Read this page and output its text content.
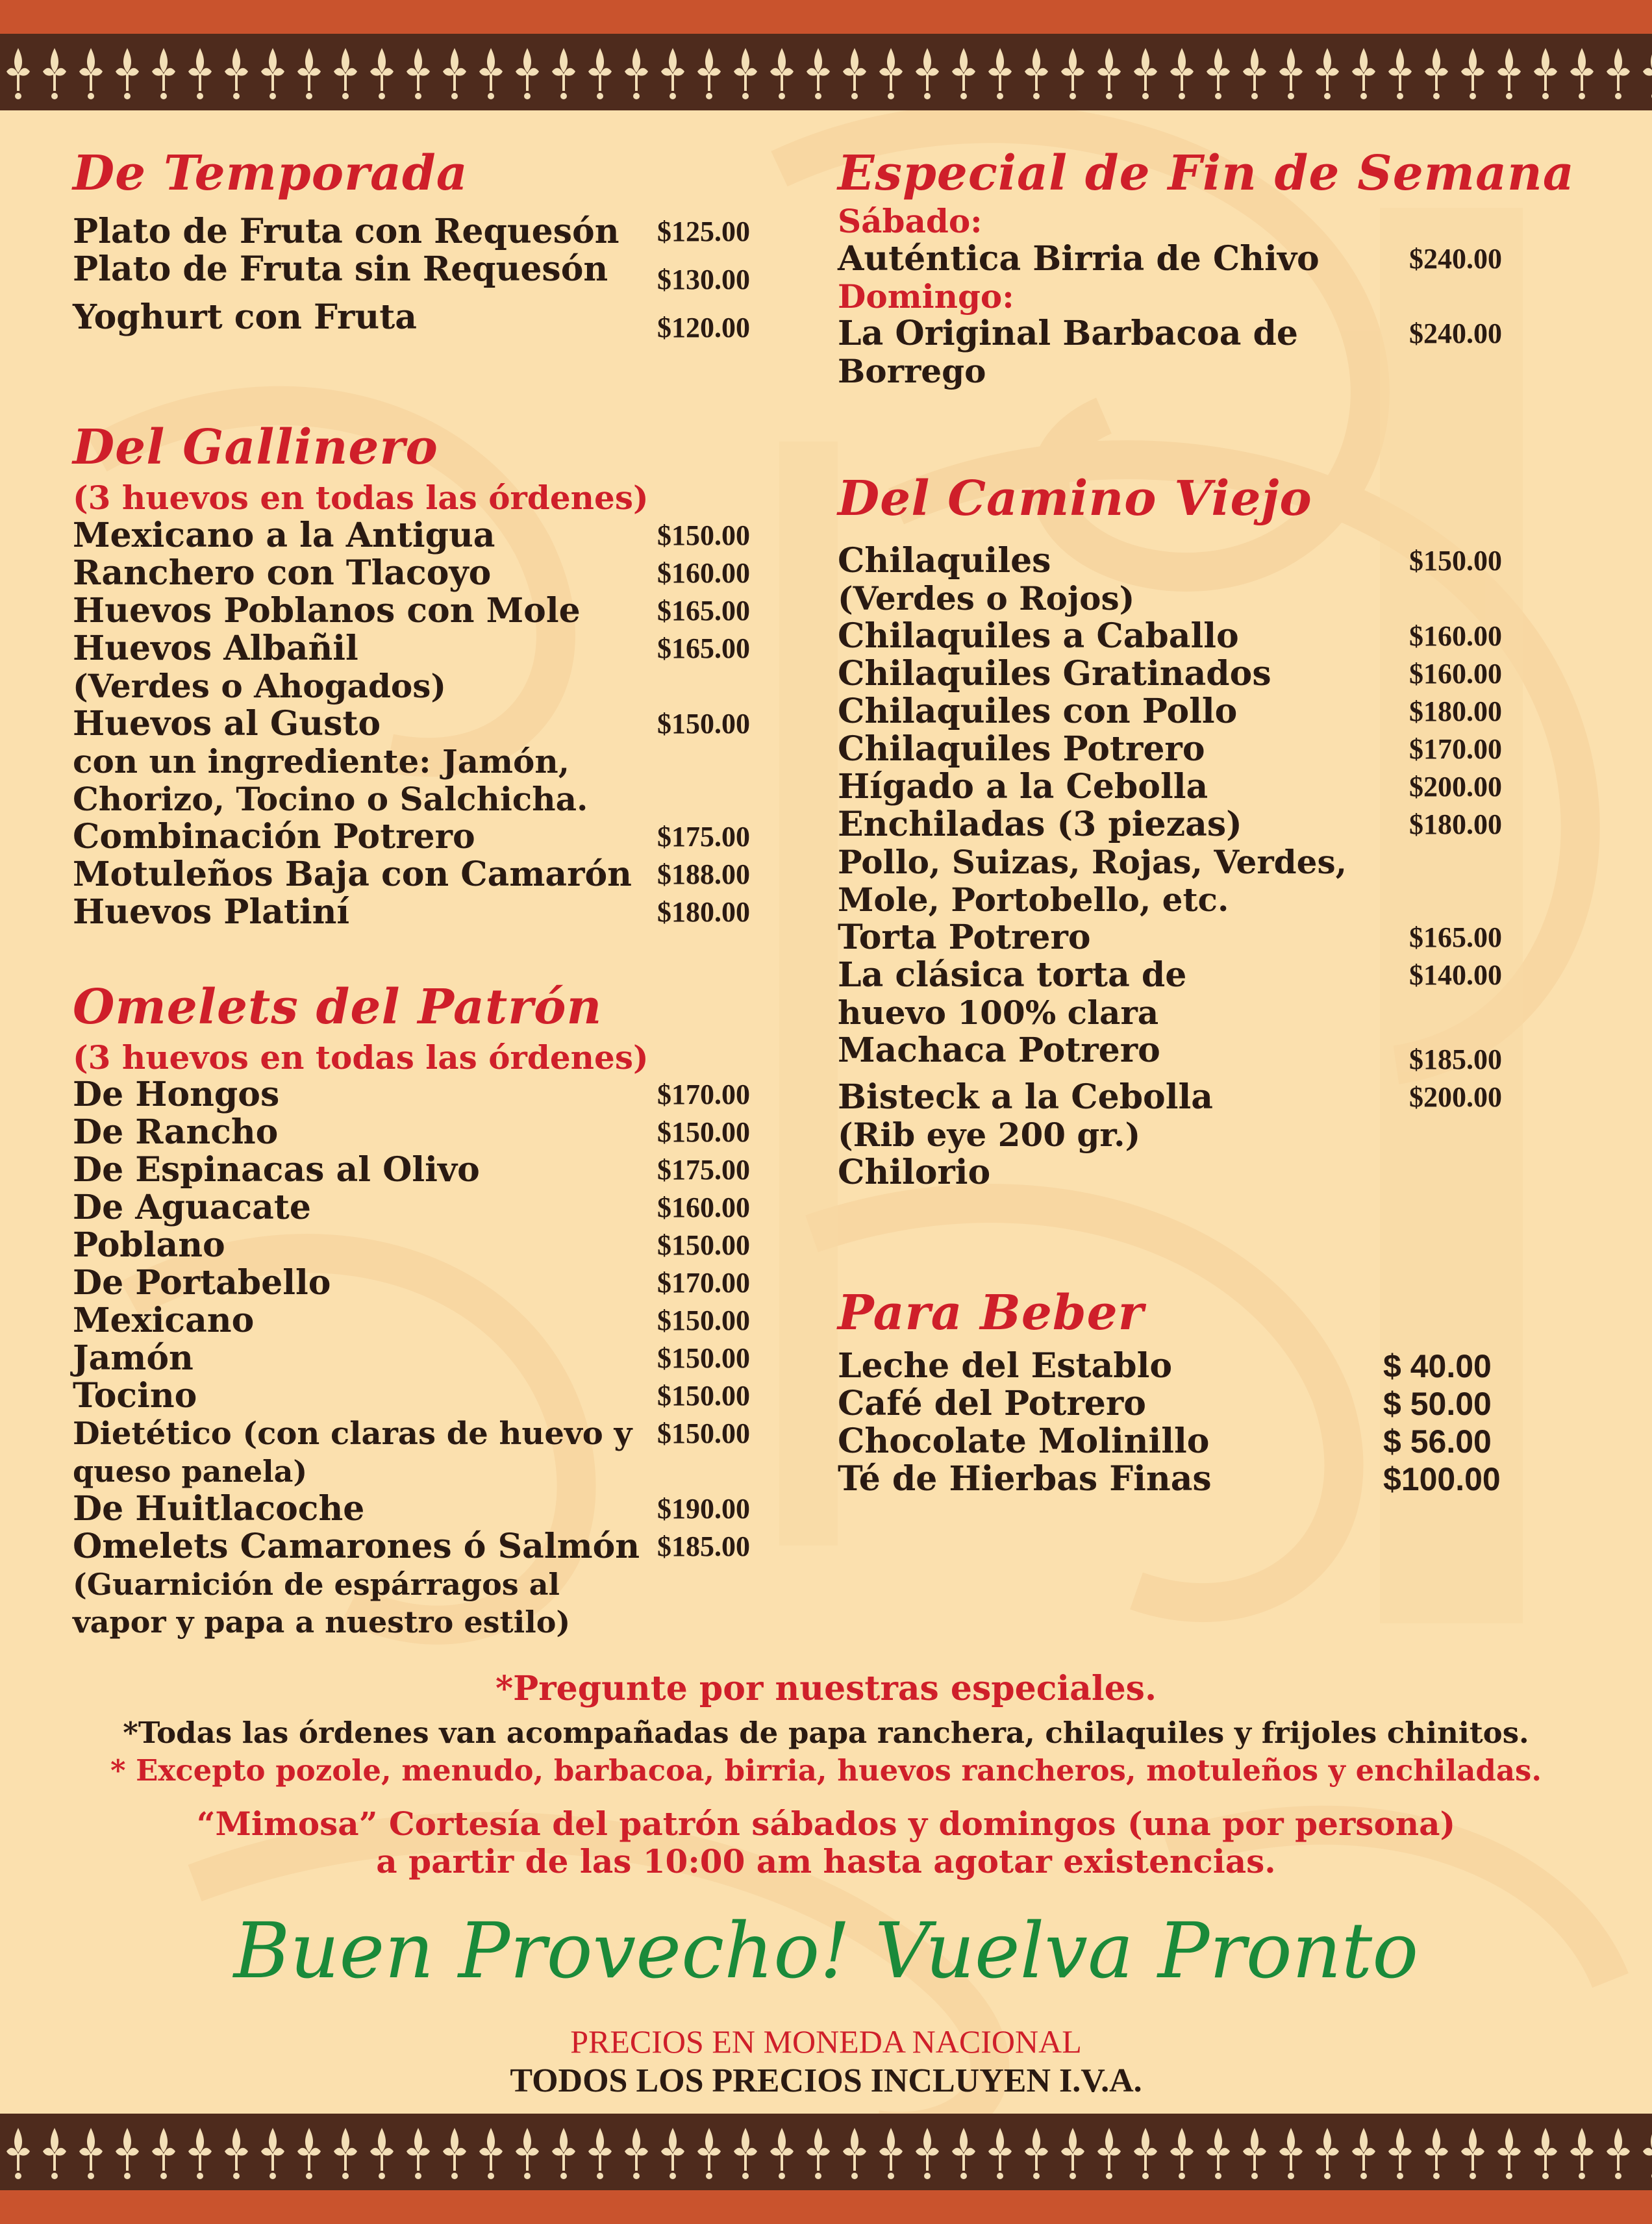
De Temporada
Plato de Fruta con Requesón $125.00
Plato de Fruta sin Requesón $130.00
Yoghurt con Fruta	$120.00
Del Gallinero
(3 huevos en todas las órdenes)
Mexicano a la Antigua	$150.00
Ranchero con Tlacoyo	$160.00
Huevos Poblanos con Mole	$165.00
Huevos Albañil	$165.00
(Verdes o Ahogados)
Huevos al Gusto	$150.00
con un ingrediente: Jamón,
Chorizo, Tocino o Salchicha.
Combinación Potrero	$175.00
Motuleños Baja con Camarón $188.00
Huevos Platiní	$180.00
Omelets del Patrón
(3 huevos en todas las órdenes)
De Hongos	$170.00
De Rancho	$150.00
De Espinacas al Olivo	$175.00
De Aguacate	$160.00
Poblano	$150.00
De Portabello	$170.00
Mexicano	$150.00
Jamón	$150.00
Tocino	$150.00
Dietético (con claras de huevo y $150.00
queso panela)
De Huitlacoche	$190.00
Omelets Camarones ó Salmón $185.00
(Guarnición de espárragos al
vapor y papa a nuestro estilo)
Especial de Fin de Semana
Sábado:
Auténtica Birria de Chivo	$240.00
Domingo:
La Original Barbacoa de	$240.00
Borrego
Del Camino Viejo
Chilaquiles	$150.00
(Verdes o Rojos)
Chilaquiles a Caballo	$160.00
Chilaquiles Gratinados	$160.00
Chilaquiles con Pollo	$180.00
Chilaquiles Potrero	$170.00
Hígado a la Cebolla	$200.00
Enchiladas (3 piezas)	$180.00
Pollo, Suizas, Rojas, Verdes,
Mole, Portobello, etc.
Torta Potrero	$165.00
La clásica torta de	$140.00
huevo 100% clara
Machaca Potrero	$185.00
Bisteck a la Cebolla	$200.00
(Rib eye 200 gr.)
Chilorio
Para Beber
Leche del Establo	$ 40.00
Café del Potrero	$ 50.00
Chocolate Molinillo	$ 56.00
Té de Hierbas Finas	$100.00
*Pregunte por nuestras especiales.
*Todas las órdenes van acompañadas de papa ranchera, chilaquiles y frijoles chinitos.
* Excepto pozole, menudo, barbacoa, birria, huevos rancheros, motuleños y enchiladas.
“Mimosa” Cortesía del patrón sábados y domingos (una por persona)
a partir de las 10:00 am hasta agotar existencias.
Buen Provecho! Vuelva Pronto
PRECIOS EN MONEDA NACIONAL
TODOS LOS PRECIOS INCLUYEN I.V.A.
